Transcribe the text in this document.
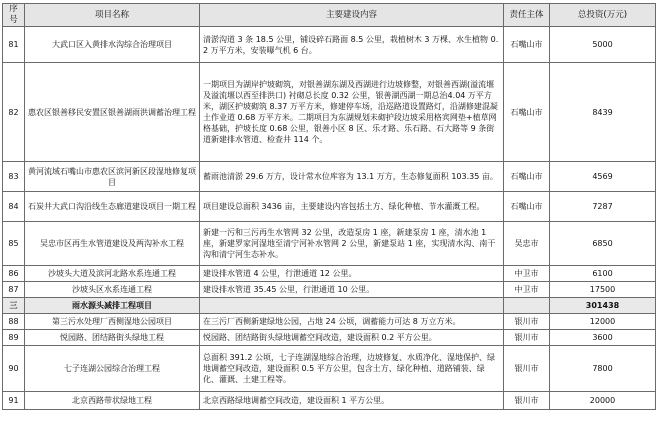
序号	项目名称	主要建设内容	责任主体	总投资(万元)
81	大武口区入黄排水沟综合治理项目	清淤沟道 3 条 18.5 公里，铺设碎石路面 8.5 公里，栽植树木 3 万棵、水生植物 0.2 万平方米，安装曝气机 6 台。	石嘴山市	5000
82	惠农区银善移民安置区银善湖雨洪调蓄治理工程	一期项目为湖岸护坡砌筑，对银善湖东湖及西湖进行边坡修整，对银善西湖(溢流堰及溢流堰以西至排洪口) 衬砌总长度 0.32 公里，银善湖西湖一期总治4.04 万平方米，湖区护坡砌筑 8.37 万平方米，修建停车场，沿巡路道设置路灯，沿湖修建混凝土作业道 0.68 万平方米。二期项目为东湖规划未砌护段边坡采用格宾网垫+植草网格基础，护坡长度 0.68 公里，银善小区 8 区、乐才路、乐石路、石大路等 9 条街道新建排水管道、检查井 114 个。	石嘴山市	8439
83	黄河流域石嘴山市惠农区滨河新区段湿地修复项目	蓄雨池清淤 29.6 万方，设计常水位库容为 13.1 万方，生态修复面积 103.35 亩。	石嘴山市	4569
84	石炭井大武口沟沿线生态廊道建设项目一期工程	项目建设总面积 3436 亩，主要建设内容包括土方、绿化种植、节水灌溉工程。	石嘴山市	7287
85	吴忠市区再生水管道建设及两沟补水工程	新建一污和三污再生水管网 32 公里，改造泵房 1 座，新建泵房 1 座，清水池 1 座，新建罗家河湿地至清宁河补水管网 2 公里，新建泵站 1 座，实现清水沟、南干沟和清宁河生态补水。	吴忠市	6850
86	沙坡头大道及滨河北路水系连通工程	建设排水管道 4 公里，行泄通道 12 公里。	中卫市	6100
87	沙坡头区水系连通工程	建设排水管道 35.45 公里，行泄通道 10 公里。	中卫市	17500
三	雨水源头减排工程项目			301438
88	第三污水处理厂西侧湿地公园项目	在三污厂西侧新建绿地公园，占地 24 公顷，调蓄能力可达 8 万立方米。	银川市	12000
89	悦园路、团结路街头绿地工程	悦园路、团结路街头绿地调蓄空间改造，建设面积 0.2 平方公里。	银川市	3600
90	七子连湖公园综合治理工程	总面积 391.2 公顷，七子连湖湿地综合治理，边坡修复、水质净化、湿地保护、绿地调蓄空间改造，建设面积 0.5 平方公里，包含土方、绿化种植、道路铺装、绿化、灌溉、土建工程等。	银川市	7800
91	北京西路带状绿地工程	北京西路绿地调蓄空间改造，建设面积 1 平方公里。	银川市	20000
